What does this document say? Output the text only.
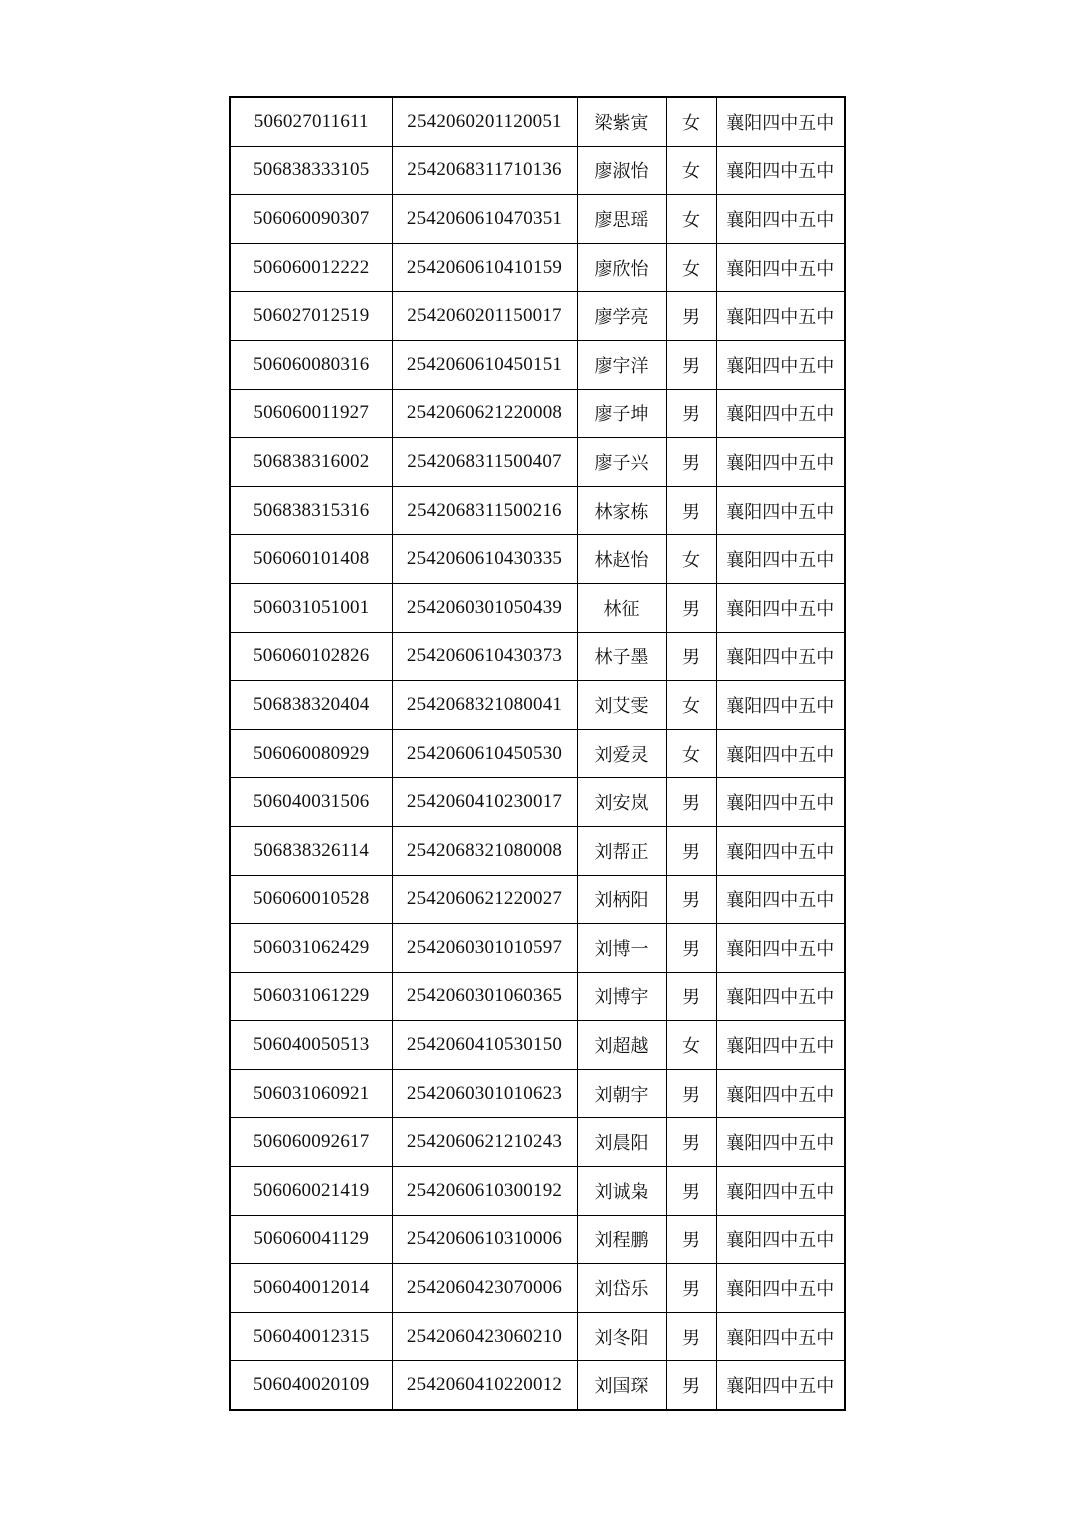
506027011611	2542060201120051	梁紫寅	女	襄阳四中五中
506838333105	2542068311710136	廖淑怡	女	襄阳四中五中
506060090307	2542060610470351	廖思瑶	女	襄阳四中五中
506060012222	2542060610410159	廖欣怡	女	襄阳四中五中
506027012519	2542060201150017	廖学亮	男	襄阳四中五中
506060080316	2542060610450151	廖宇洋	男	襄阳四中五中
506060011927	2542060621220008	廖子坤	男	襄阳四中五中
506838316002	2542068311500407	廖子兴	男	襄阳四中五中
506838315316	2542068311500216	林家栋	男	襄阳四中五中
506060101408	2542060610430335	林赵怡	女	襄阳四中五中
506031051001	2542060301050439	林征	男	襄阳四中五中
506060102826	2542060610430373	林子墨	男	襄阳四中五中
506838320404	2542068321080041	刘艾雯	女	襄阳四中五中
506060080929	2542060610450530	刘爱灵	女	襄阳四中五中
506040031506	2542060410230017	刘安岚	男	襄阳四中五中
506838326114	2542068321080008	刘帮正	男	襄阳四中五中
506060010528	2542060621220027	刘柄阳	男	襄阳四中五中
506031062429	2542060301010597	刘博一	男	襄阳四中五中
506031061229	2542060301060365	刘博宇	男	襄阳四中五中
506040050513	2542060410530150	刘超越	女	襄阳四中五中
506031060921	2542060301010623	刘朝宇	男	襄阳四中五中
506060092617	2542060621210243	刘晨阳	男	襄阳四中五中
506060021419	2542060610300192	刘诚枭	男	襄阳四中五中
506060041129	2542060610310006	刘程鹏	男	襄阳四中五中
506040012014	2542060423070006	刘岱乐	男	襄阳四中五中
506040012315	2542060423060210	刘冬阳	男	襄阳四中五中
506040020109	2542060410220012	刘国琛	男	襄阳四中五中
